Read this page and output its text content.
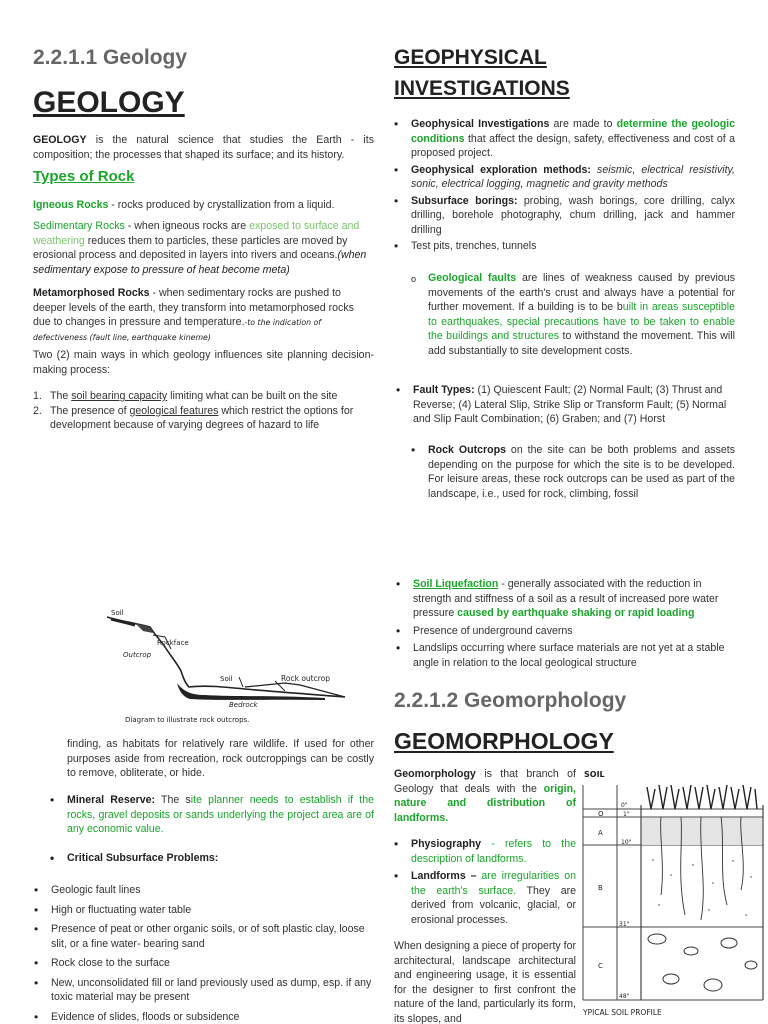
2.2.1.1 Geology
GEOLOGY

GEOLOGY is the natural science that studies the Earth - its composition; the processes that shaped its surface; and its history.

Types of Rock

Igneous Rocks - rocks produced by crystallization from a liquid.

Sedimentary Rocks - when igneous rocks are exposed to surface and weathering reduces them to particles, these particles are moved by erosional process and deposited in layers into rivers and oceans.(when sedimentary expose to pressure of heat become meta)

Metamorphosed Rocks - when sedimentary rocks are pushed to deeper levels of the earth, they transform into metamorphosed rocks due to changes in pressure and temperature.-to the indication of defectiveness (fault line, earthquake kineme)

Two (2) main ways in which geology influences site planning decision- making process:

1. The soil bearing capacity limiting what can be built on the site
2. The presence of geological features which restrict the options for development because of varying degrees of hazard to life
Soil
Rockface
Outcrop
Soil	Rock outcrop
Bedrock
Diagram to illustrate rock outcrops.

finding, as habitats for relatively rare wildlife. If used for other purposes aside from recreation, rock outcroppings can be costly to remove, obliterate, or hide.

• Mineral Reserve: The site planner needs to establish if the rocks, gravel deposits or sands underlying the project area are of any economic value.
• Critical Subsurface Problems:
• Geologic fault lines
• High or fluctuating water table
• Presence of peat or other organic soils, or of soft plastic clay, loose slit, or a fine water- bearing sand
• Rock close to the surface
• New, unconsolidated fill or land previously used as dump, esp. if any toxic material may be present
• Evidence of slides, floods or subsidence
GEOPHYSICAL
INVESTIGATIONS
• Geophysical Investigations are made to determine the geologic conditions that affect the design, safety, effectiveness and cost of a proposed project.
• Geophysical exploration methods: seismic, electrical resistivity, sonic, electrical logging, magnetic and gravity methods
• Subsurface borings: probing, wash borings, core drilling, calyx drilling, borehole photography, chum drilling, jack and hammer drilling
• Test pits, trenches, tunnels
o Geological faults are lines of weakness caused by previous movements of the earth's crust and always have a potential for further movement. If a building is to be built in areas susceptible to earthquakes, special precautions have to be taken to enable the buildings and structures to withstand the movement. This will add substantially to site development costs.
• Fault Types: (1) Quiescent Fault; (2) Normal Fault; (3) Thrust and Reverse; (4) Lateral Slip, Strike Slip or Transform Fault; (5) Normal and Slip Fault Combination; (6) Graben; and (7) Horst
• Rock Outcrops on the site can be both problems and assets depending on the purpose for which the site is to be developed. For leisure areas, these rock outcrops can be used as part of the landscape, i.e., used for rock, climbing, fossil
• Soil Liquefaction - generally associated with the reduction in strength and stiffness of a soil as a result of increased pore water pressure caused by earthquake shaking or rapid loading
• Presence of underground caverns
• Landslips occurring where surface materials are not yet at a stable angle in relation to the local geological structure
2.2.1.2 Geomorphology
GEOMORPHOLOGY

Geomorphology is that branch of Geology that deals with the origin, nature and distribution of landforms.

• Physiography - refers to the description of landforms.
• Landforms – are irregularities on the earth's surface. They are derived from volcanic, glacial, or erosional processes.

When designing a piece of property for architectural, landscape architectural and engineering usage, it is essential for the designer to first confront the nature of the land, particularly its form, its slopes, and

SOIL
0"
1"
10"
31"
48"
O
A
B
C
YPICAL SOIL PROFILE
